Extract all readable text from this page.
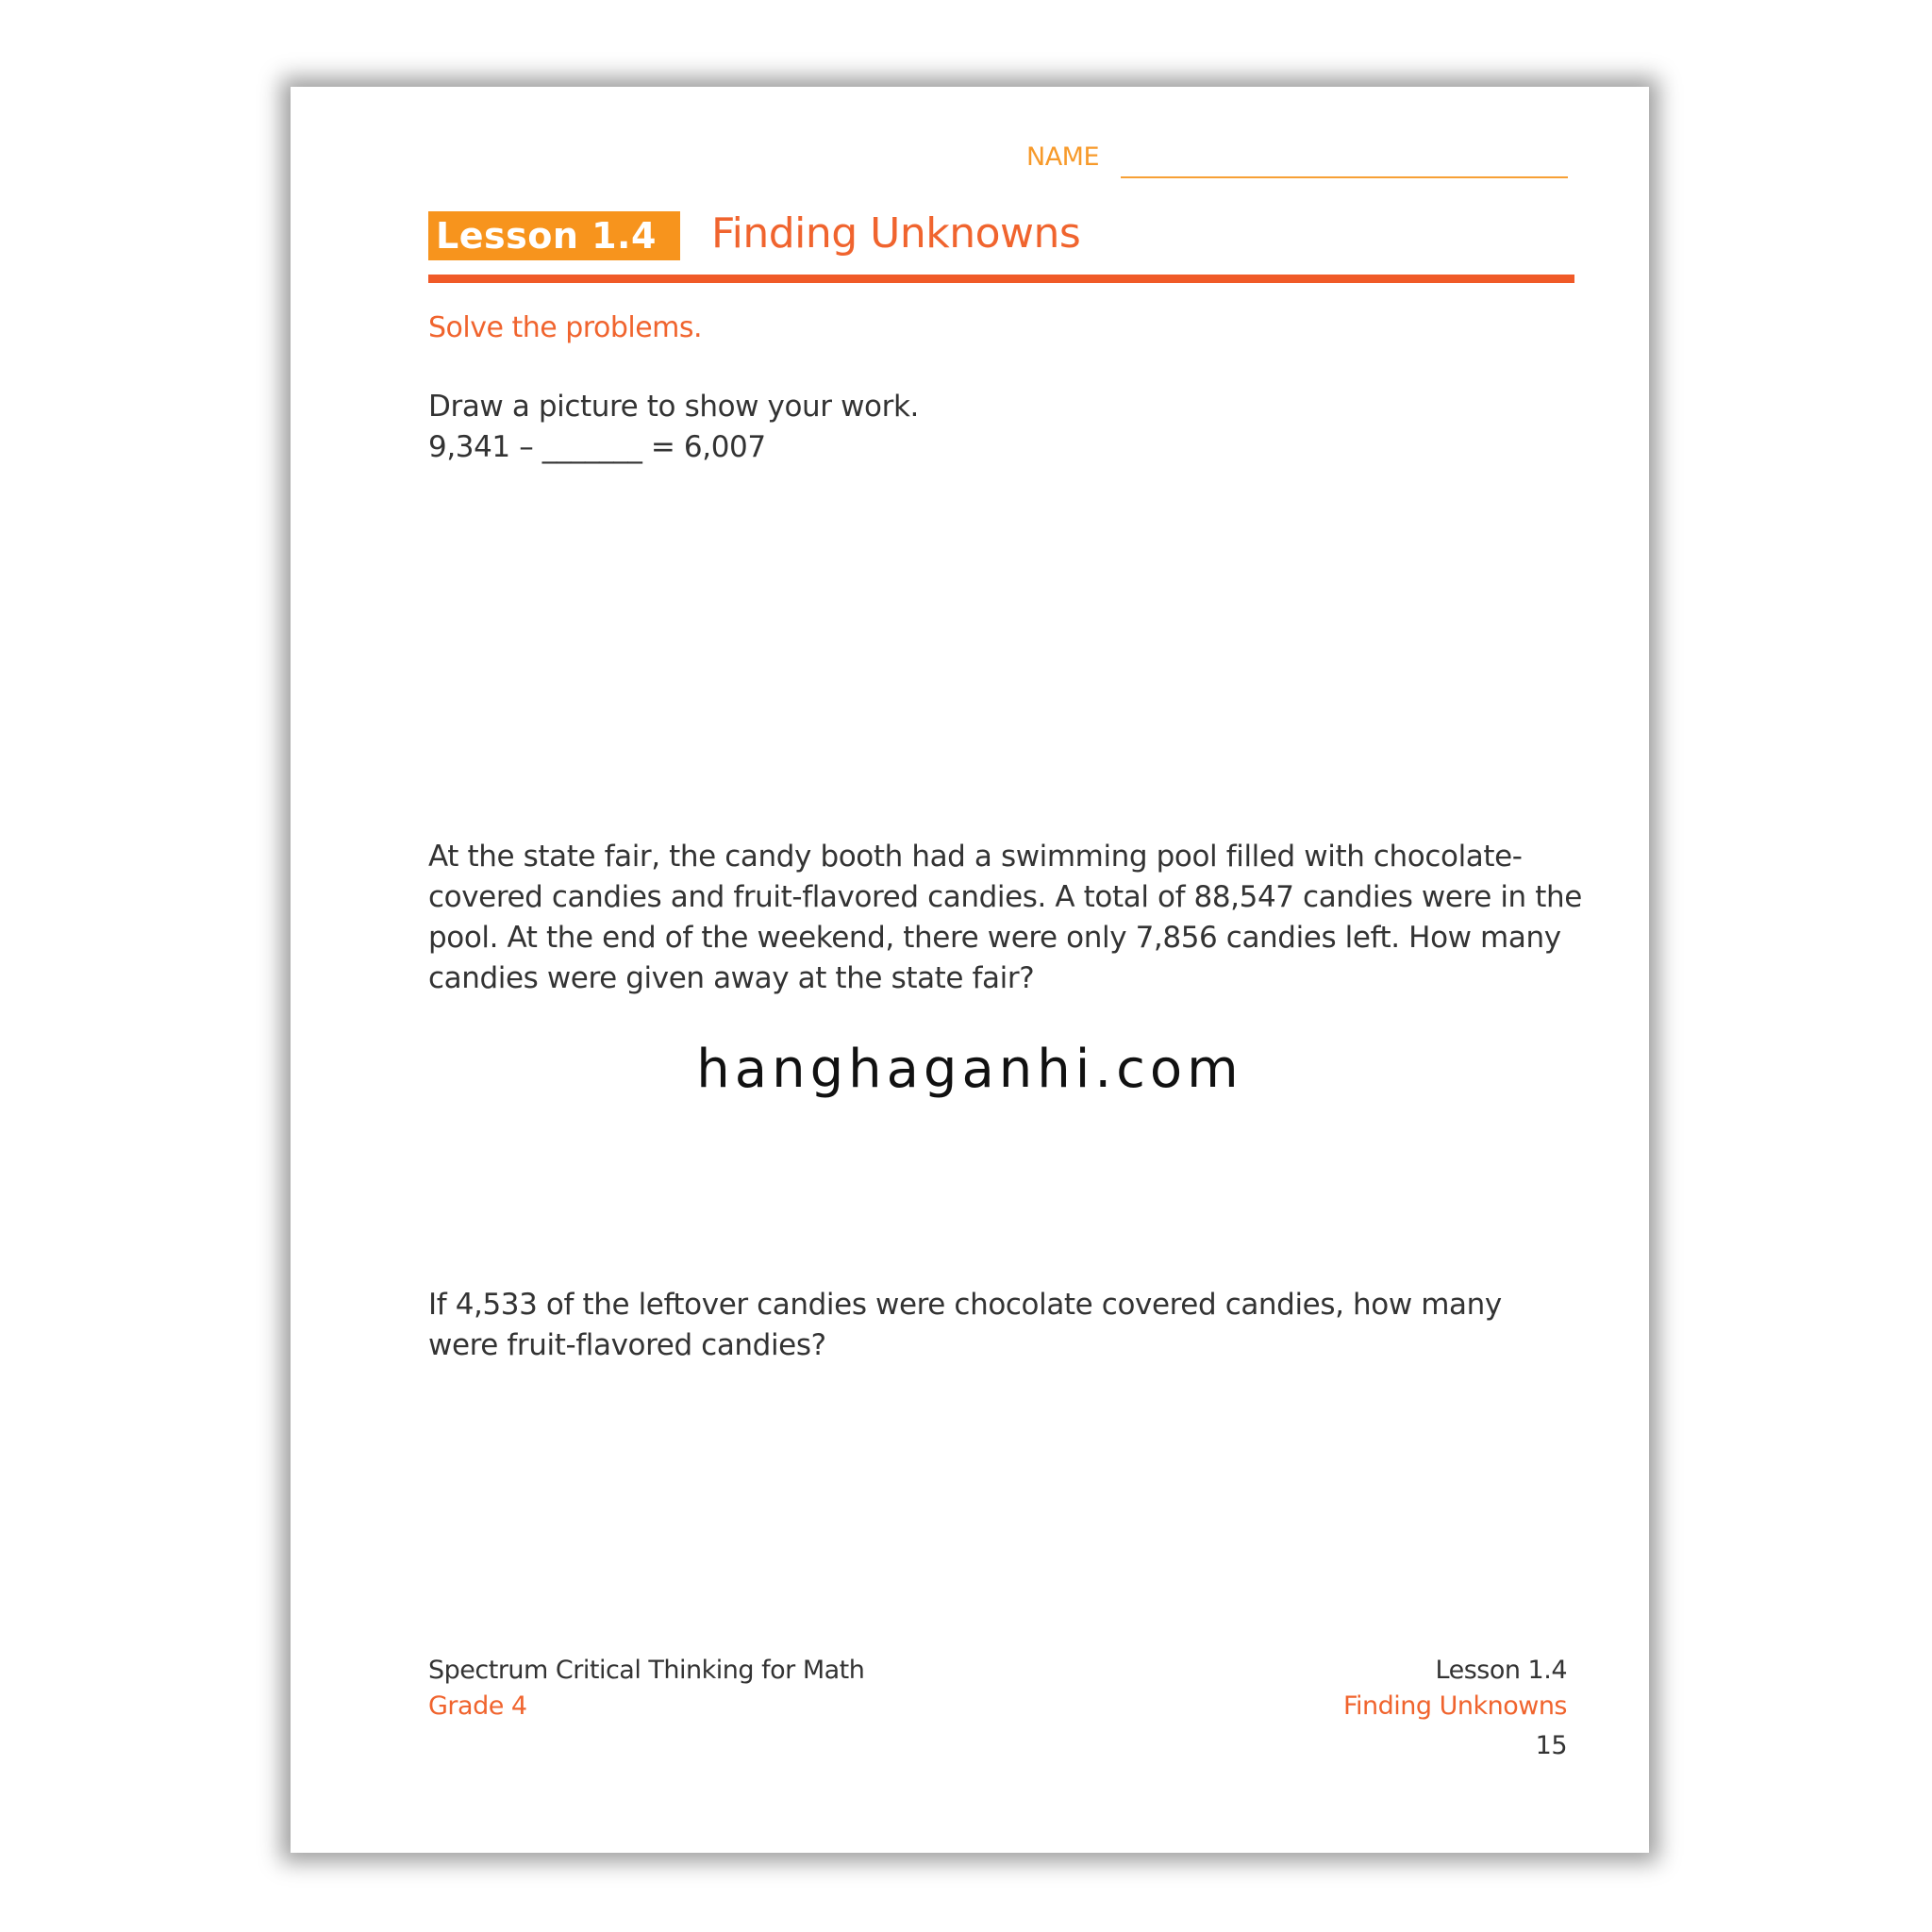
NAME
Lesson 1.4	Finding Unknowns
Solve the problems.
Draw a picture to show your work.
9,341 – _______ = 6,007
At the state fair, the candy booth had a swimming pool filled with chocolate-covered candies and fruit-flavored candies. A total of 88,547 candies were in the pool. At the end of the weekend, there were only 7,856 candies left. How many candies were given away at the state fair?
hanghaganhi.com
If 4,533 of the leftover candies were chocolate covered candies, how many were fruit-flavored candies?
Spectrum Critical Thinking for Math
Grade 4
Lesson 1.4
Finding Unknowns
15
